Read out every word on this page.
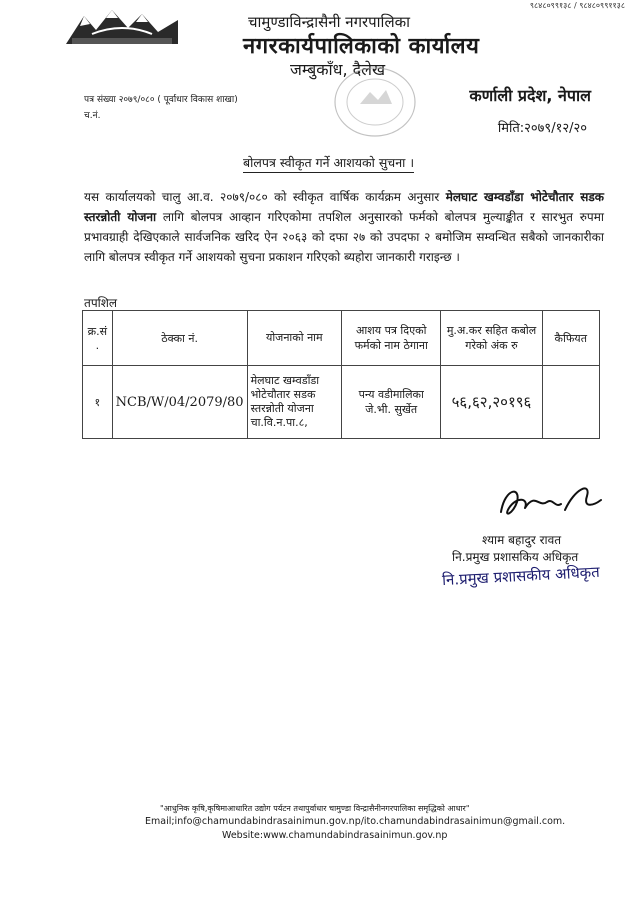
९८४८०९९१३८ / ९८४८०९९११३८
चामुण्डाविन्द्रासैनी नगरपालिका
नगरकार्यपालिकाको कार्यालय
जम्बुकाँध, दैलेख
पत्र संख्या २०७९/०८० ( पूर्वाधार विकास शाखा)
च.नं.
कर्णाली प्रदेश, नेपाल
मिति:२०७९/१२/२०
बोलपत्र स्वीकृत गर्ने आशयको सुचना ।
यस कार्यालयको चालु आ.व. २०७९/०८० को स्वीकृत वार्षिक कार्यक्रम अनुसार मेलघाट खम्वडाँडा भोटेचौतार सडक स्तरन्नोती योजना लागि बोलपत्र आव्हान गरिएकोमा तपशिल अनुसारको फर्मको बोलपत्र मुल्याङ्कीत र सारभुत रुपमा प्रभावग्राही देखिएकाले सार्वजनिक खरिद ऐन २०६३ को दफा २७ को उपदफा २ बमोजिम सम्वन्धित सबैको जानकारीका लागि बोलपत्र स्वीकृत गर्ने आशयको सुचना प्रकाशन गरिएको ब्यहोरा जानकारी गराइन्छ ।
तपशिल
क्र.सं .	ठेक्का नं.	योजनाको नाम	आशय पत्र दिएको फर्मको नाम ठेगाना	मु.अ.कर सहित कबोल गरेको अंक रु	कैफियत
१	NCB/W/04/2079/80	मेलघाट खम्वडाँडा भोटेचौतार सडक स्तरन्नोती योजना चा.वि.न.पा.८,	पन्य वडीमालिका जे.भी. सुर्खेत	५६,६२,२०१९६	
श्याम बहादुर रावत
नि.प्रमुख प्रशासकिय अधिकृत
नि.प्रमुख प्रशासकीय अधिकृत
"आधुनिक कृषि,कृषिमाआधारित उद्योग पर्यटन तथापुर्वाधार चामुण्डा विन्द्रासैनीनगरपालिका समृद्धिको आधार"
Email;info@chamundabindrasainimun.gov.np/ito.chamundabindrasainimun@gmail.com.
Website:www.chamundabindrasainimun.gov.np
